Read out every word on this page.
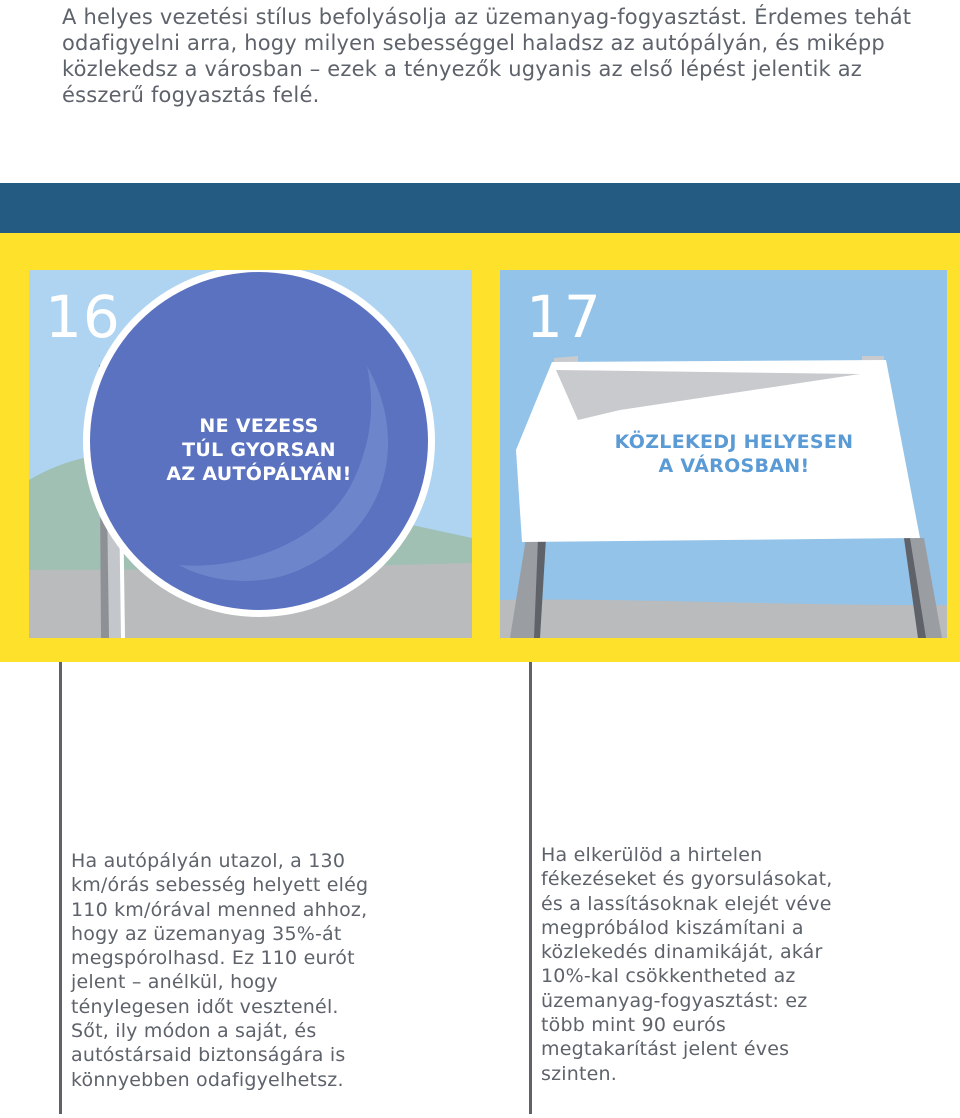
A helyes vezetési stílus befolyásolja az üzemanyag-fogyasztást. Érdemes tehát odafigyelni arra, hogy milyen sebességgel haladsz az autópályán, és miképp közlekedsz a városban – ezek a tényezők ugyanis az első lépést jelentik az ésszerű fogyasztás felé.

16
NE VEZESS
TÚL GYORSAN
AZ AUTÓPÁLYÁN!
17
KÖZLEKEDJ HELYESEN
A VÁROSBAN!

Ha autópályán utazol, a 130 km/órás sebesség helyett elég 110 km/órával menned ahhoz, hogy az üzemanyag 35%-át megspórolhasd. Ez 110 eurót jelent – anélkül, hogy ténylegesen időt vesztenél. Sőt, ily módon a saját, és autóstársaid biztonságára is könnyebben odafigyelhetsz.

Ha elkerülöd a hirtelen fékezéseket és gyorsulásokat, és a lassításoknak elejét véve megpróbálod kiszámítani a közlekedés dinamikáját, akár 10%-kal csökkentheted az üzemanyag-fogyasztást: ez több mint 90 eurós megtakarítást jelent éves szinten.
